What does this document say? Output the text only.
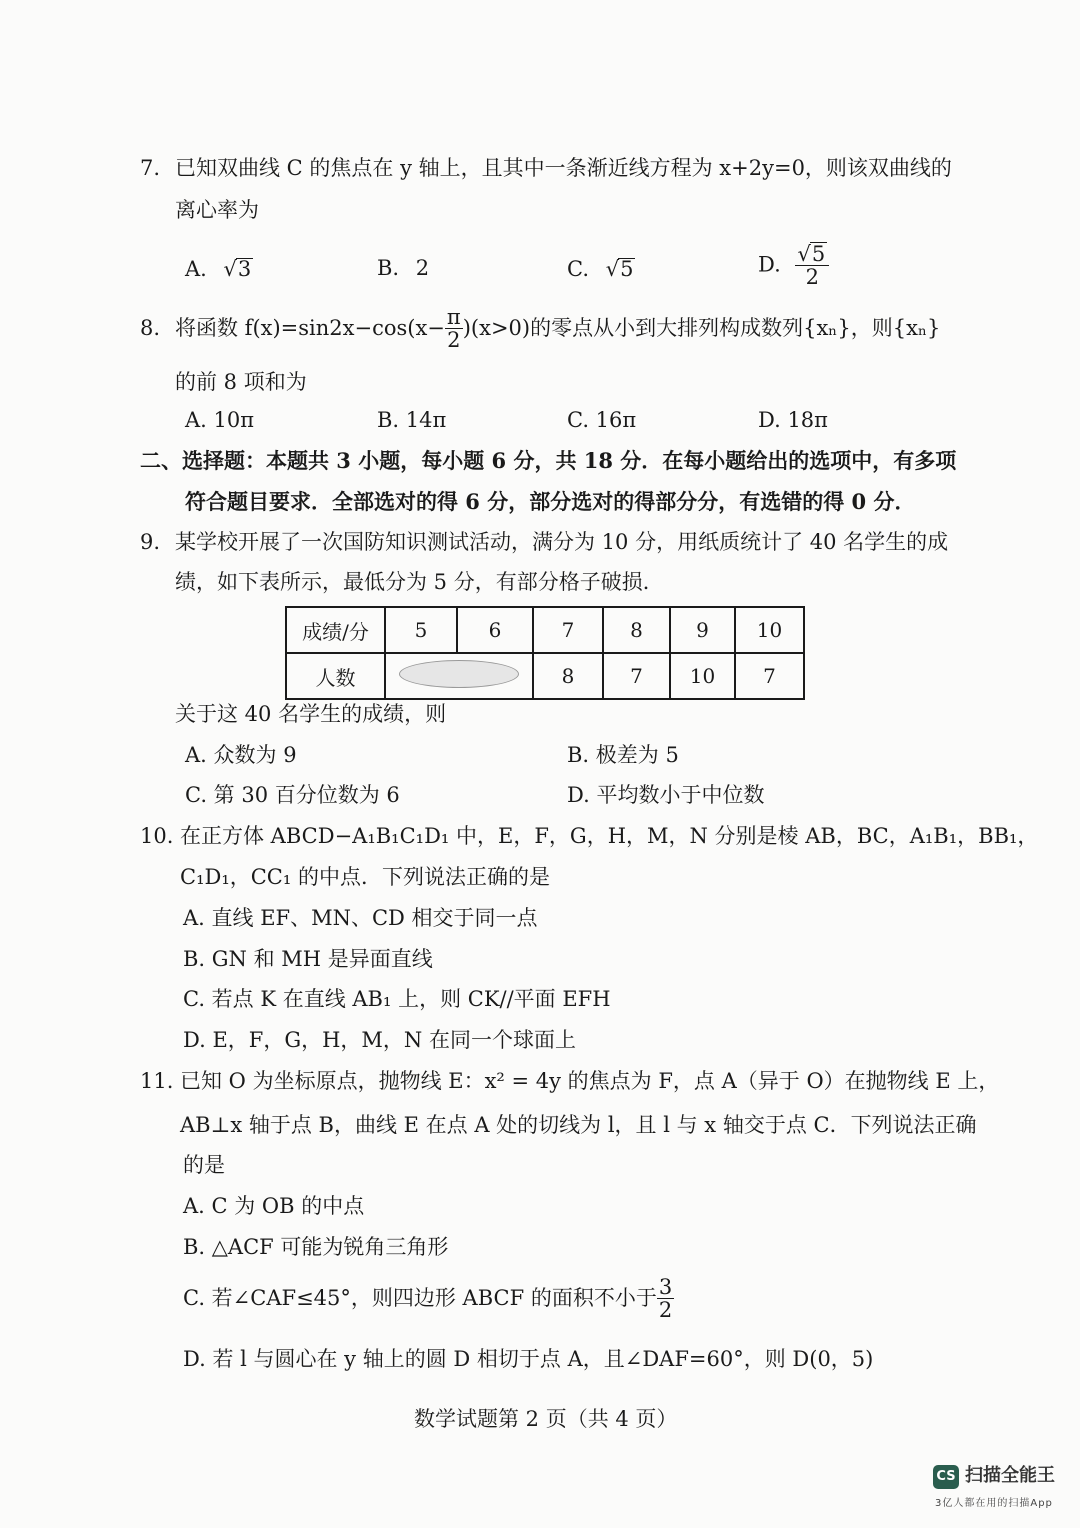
7. 已知双曲线 C 的焦点在 y 轴上，且其中一条渐近线方程为 x+2y=0，则该双曲线的
离心率为
A. √3	B. 2	C. √5	D. $\frac{√5}{2}$
8. 将函数 $f(x)=\sin 2x-\cos(x- \frac{\pi}{2} )(x>0)$的零点从小到大排列构成数列{xₙ}，则{xₙ}
的前 8 项和为
A. 10π	B. 14π	C. 16π	D. 18π
二、选择题：本题共 3 小题，每小题 6 分，共 18 分．在每小题给出的选项中，有多项
符合题目要求．全部选对的得 6 分，部分选对的得部分分，有选错的得 0 分．
9. 某学校开展了一次国防知识测试活动，满分为 10 分，用纸质统计了 40 名学生的成
绩，如下表所示，最低分为 5 分，有部分格子破损．
成绩/分	5	6	7	8	9	10
人数			8	7	10	7
关于这 40 名学生的成绩，则
A. 众数为 9	B. 极差为 5
C. 第 30 百分位数为 6	D. 平均数小于中位数
10. 在正方体 ABCD−A₁B₁C₁D₁ 中，E，F，G，H，M，N 分别是棱 AB，BC，A₁B₁，BB₁，
C₁D₁，CC₁ 的中点．下列说法正确的是
A. 直线 EF、MN、CD 相交于同一点
B. GN 和 MH 是异面直线
C. 若点 K 在直线 AB₁ 上，则 CK//平面 EFH
D. E，F，G，H，M，N 在同一个球面上
11. 已知 O 为坐标原点，抛物线 E：x² = 4y 的焦点为 F，点 A（异于 O）在抛物线 E 上，
AB⊥x 轴于点 B，曲线 E 在点 A 处的切线为 l，且 l 与 x 轴交于点 C．下列说法正确
的是
A. C 为 OB 的中点
B. △ACF 可能为锐角三角形
C. 若∠CAF≤45°，则四边形 ABCF 的面积不小于 $\frac{3}{2}$
D. 若 l 与圆心在 y 轴上的圆 D 相切于点 A，且∠DAF=60°，则 D(0，5)
数学试题第 2 页（共 4 页）
CS 扫描全能王
3亿人都在用的扫描App
